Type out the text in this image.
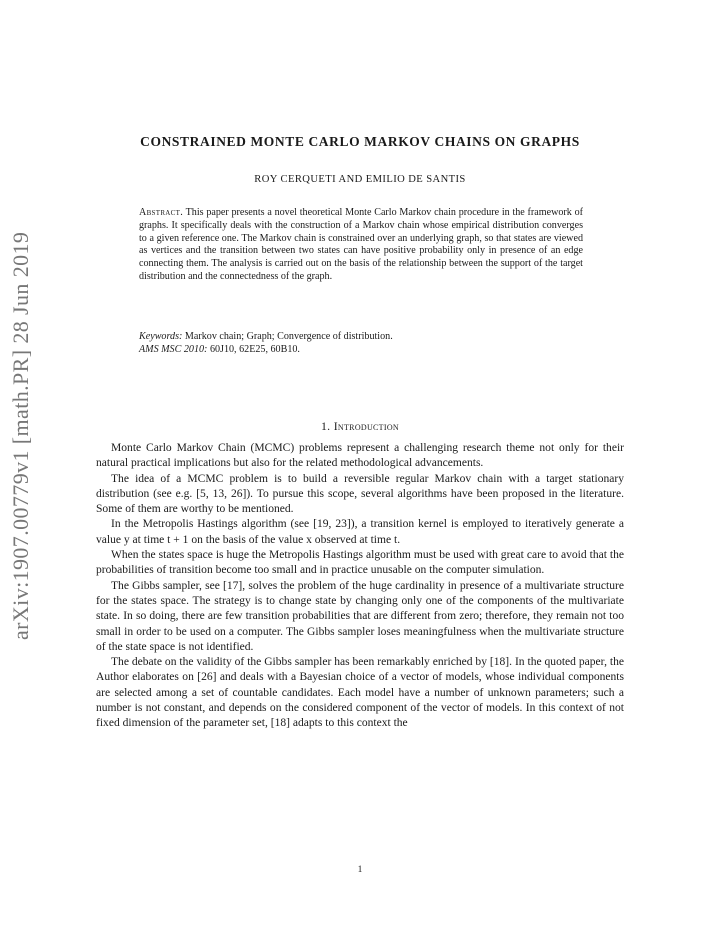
arXiv:1907.00779v1 [math.PR] 28 Jun 2019
CONSTRAINED MONTE CARLO MARKOV CHAINS ON GRAPHS
ROY CERQUETI AND EMILIO DE SANTIS
Abstract. This paper presents a novel theoretical Monte Carlo Markov chain procedure in the framework of graphs. It specifically deals with the construction of a Markov chain whose empirical distribution converges to a given reference one. The Markov chain is constrained over an underlying graph, so that states are viewed as vertices and the transition between two states can have positive probability only in presence of an edge connecting them. The analysis is carried out on the basis of the relationship between the support of the target distribution and the connectedness of the graph.
Keywords: Markov chain; Graph; Convergence of distribution.
AMS MSC 2010: 60J10, 62E25, 60B10.
1. Introduction

Monte Carlo Markov Chain (MCMC) problems represent a challenging research theme not only for their natural practical implications but also for the related methodological advancements.

The idea of a MCMC problem is to build a reversible regular Markov chain with a target stationary distribution (see e.g. [5, 13, 26]). To pursue this scope, several algorithms have been proposed in the literature. Some of them are worthy to be mentioned.

In the Metropolis Hastings algorithm (see [19, 23]), a transition kernel is employed to iteratively generate a value y at time t + 1 on the basis of the value x observed at time t.

When the states space is huge the Metropolis Hastings algorithm must be used with great care to avoid that the probabilities of transition become too small and in practice unusable on the computer simulation.

The Gibbs sampler, see [17], solves the problem of the huge cardinality in presence of a multivariate structure for the states space. The strategy is to change state by changing only one of the components of the multivariate state. In so doing, there are few transition probabilities that are different from zero; therefore, they remain not too small in order to be used on a computer. The Gibbs sampler loses meaningfulness when the multivariate structure of the state space is not identified.

The debate on the validity of the Gibbs sampler has been remarkably enriched by [18]. In the quoted paper, the Author elaborates on [26] and deals with a Bayesian choice of a vector of models, whose individual components are selected among a set of countable candidates. Each model have a number of unknown parameters; such a number is not constant, and depends on the considered component of the vector of models. In this context of not fixed dimension of the parameter set, [18] adapts to this context the

1
